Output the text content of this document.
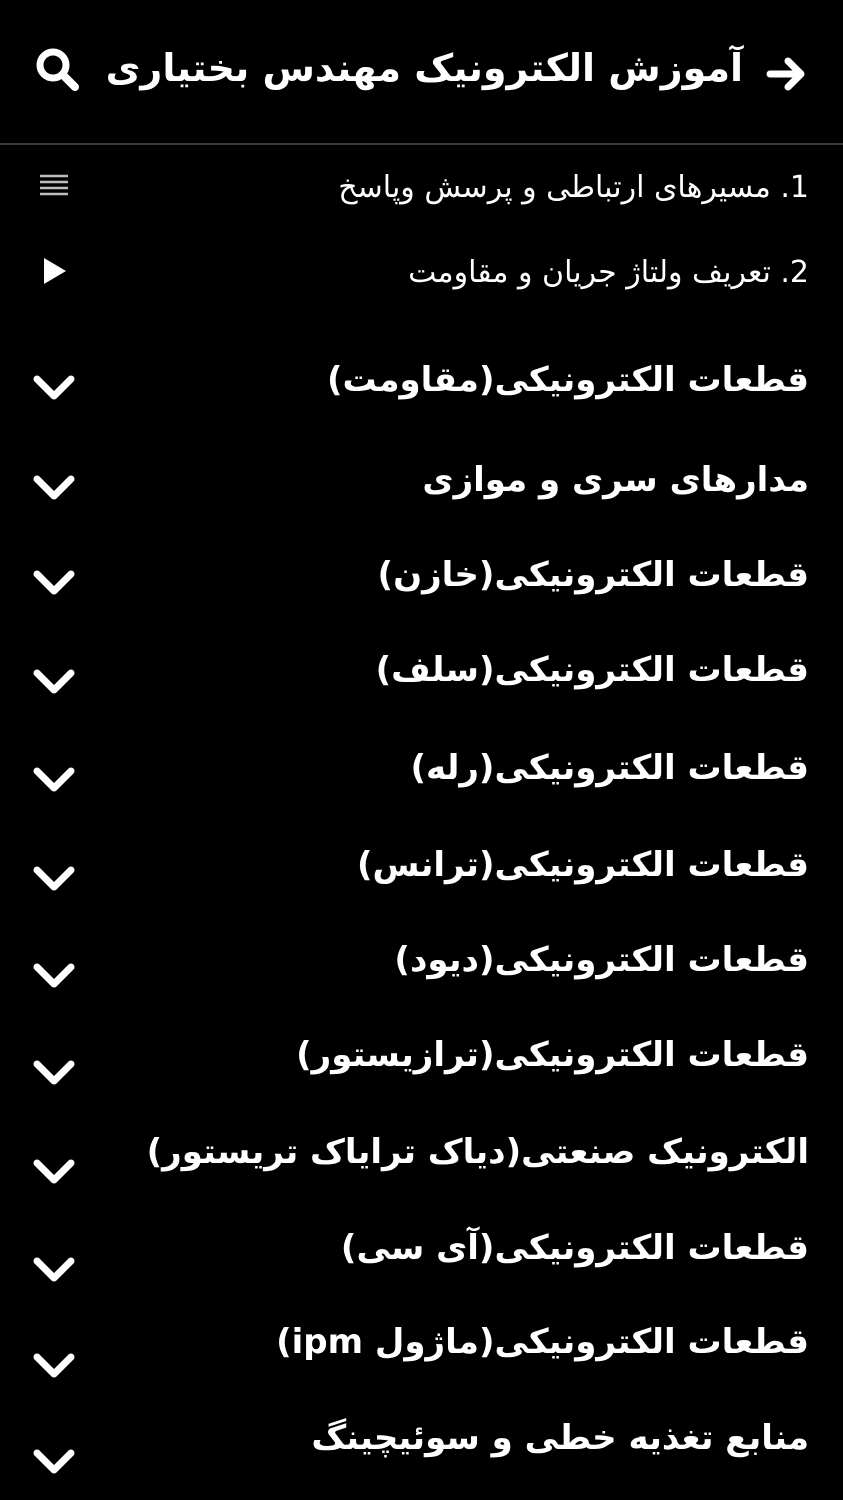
آموزش الکترونیک مهندس بختیاری
1. مسیرهای ارتباطی و پرسش وپاسخ
2. تعریف ولتاژ جریان و مقاومت
قطعات الکترونیکی(مقاومت)
مدارهای سری و موازی
قطعات الکترونیکی(خازن)
قطعات الکترونیکی(سلف)
قطعات الکترونیکی(رله)
قطعات الکترونیکی(ترانس)
قطعات الکترونیکی(دیود)
قطعات الکترونیکی(ترازیستور)
الکترونیک صنعتی(دیاک ترایاک تریستور)
قطعات الکترونیکی(آی سی)
قطعات الکترونیکی(ماژول ipm)
منابع تغذیه خطی و سوئیچینگ
